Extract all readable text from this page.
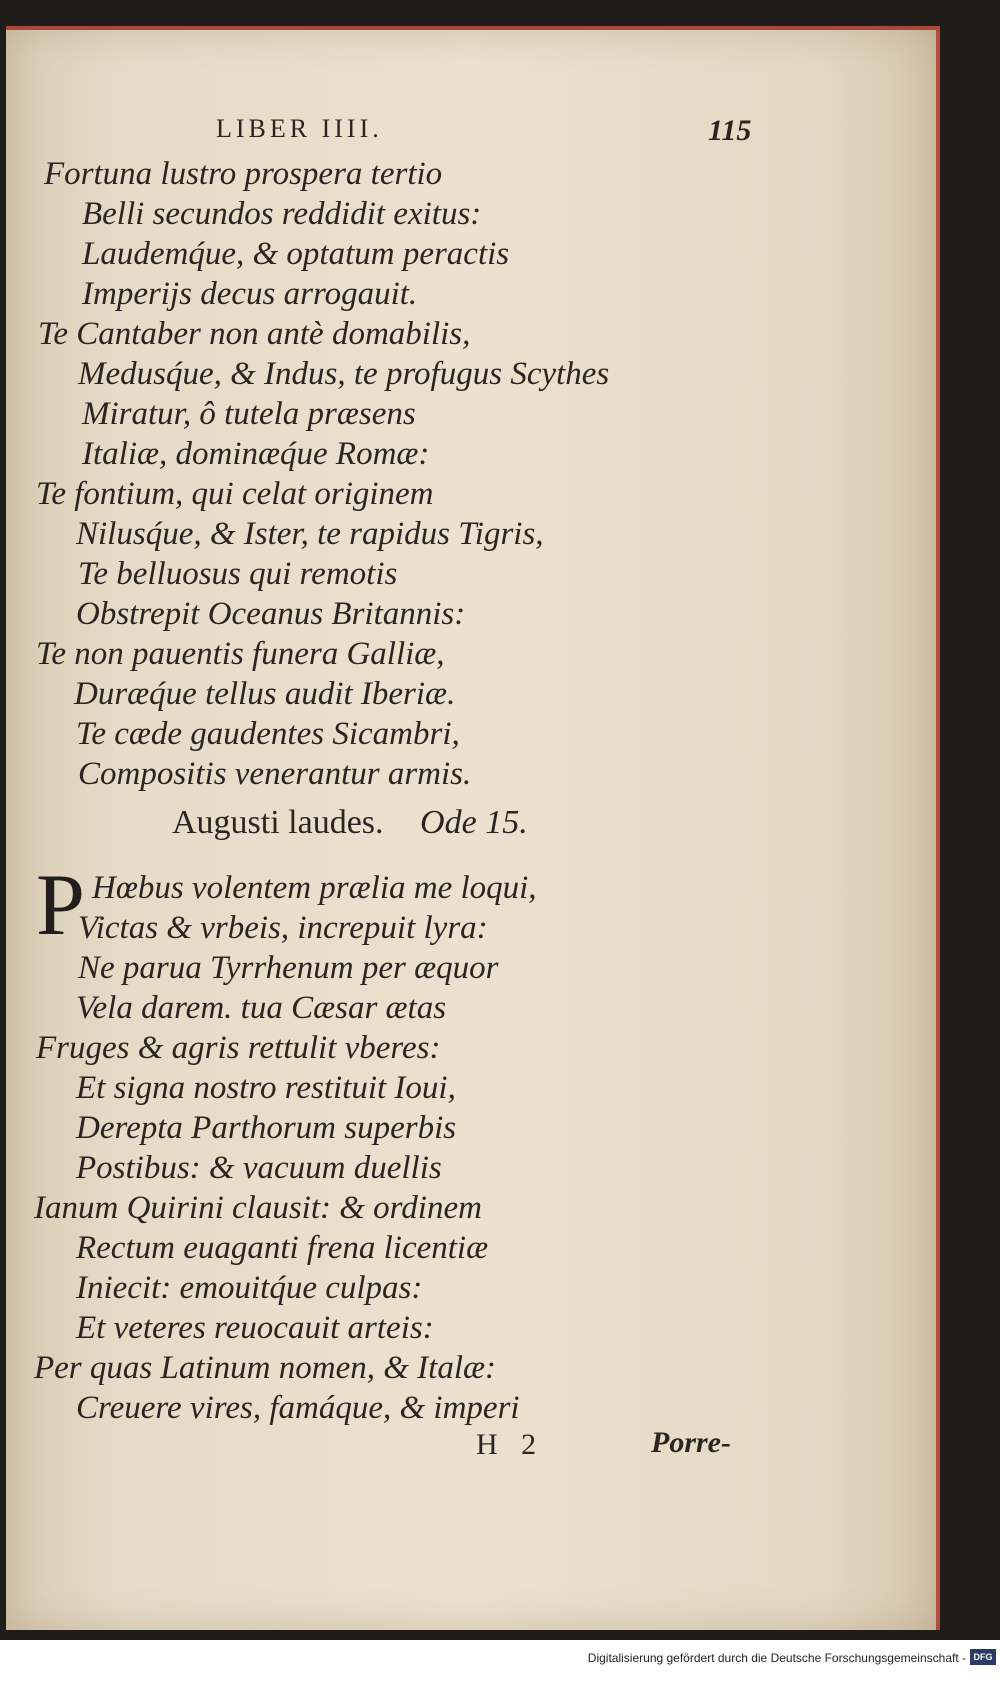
LIBER IIII.	115
Fortuna lustro prospera tertio
Belli secundos reddidit exitus:
Laudemq́ue, & optatum peractis
Imperijs decus arrogauit.
Te Cantaber non antè domabilis,
Medusq́ue, & Indus, te profugus Scythes
Miratur, ô tutela præsens
Italiæ, dominæq́ue Romæ:
Te fontium, qui celat originem
Nilusq́ue, & Ister, te rapidus Tigris,
Te belluosus qui remotis
Obstrepit Oceanus Britannis:
Te non pauentis funera Galliæ,
Duræq́ue tellus audit Iberiæ.
Te cæde gaudentes Sicambri,
Compositis venerantur armis.
Augusti laudes. Ode 15.
P Hœbus volentem prælia me loqui,
Victas & vrbeis, increpuit lyra:
Ne parua Tyrrhenum per æquor
Vela darem. tua Cæsar ætas
Fruges & agris rettulit vberes:
Et signa nostro restituit Ioui,
Derepta Parthorum superbis
Postibus: & vacuum duellis
Ianum Quirini clausit: & ordinem
Rectum euaganti frena licentiæ
Iniecit: emouitq́ue culpas:
Et veteres reuocauit arteis:
Per quas Latinum nomen, & Italæ:
Creuere vires, famáque, & imperi
H 2	Porre-
Digitalisierung gefördert durch die Deutsche Forschungsgemeinschaft - DFG
